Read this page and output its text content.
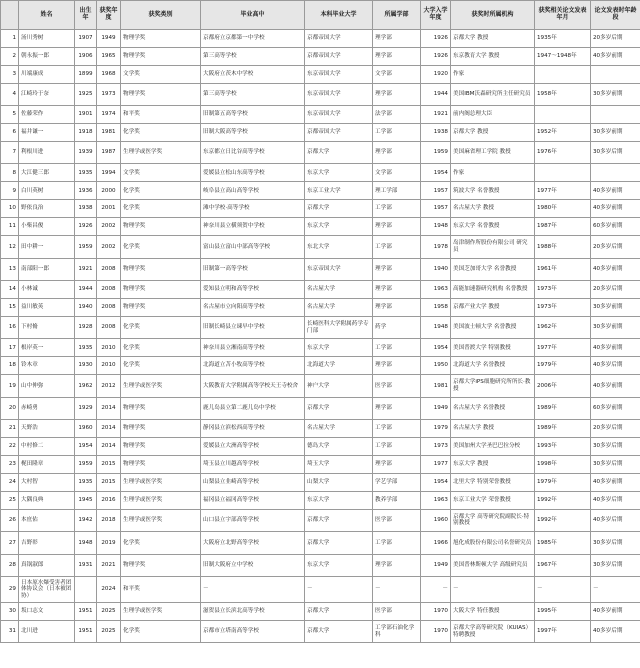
	姓名	出生年	获奖年度	获奖类别	毕业高中	本科毕业大学	所属学部	大学入学年度	获奖时所属机构	获奖相关论文发表年月	论文发表时年龄段
1	汤川秀树	1907	1949	物理学奖	京都府立京都第一中学校	京都帝国大学	理学部	1926	京都大学 教授	1935年	20多岁后期
2	朝永振一郎	1906	1965	物理学奖	第三高等学校	京都帝国大学	理学部	1926	东京教育大学 教授	1947～1948年	40多岁前期
3	川端康成	1899	1968	文学奖	大阪府立茨木中学校	东京帝国大学	文学部	1920	作家		
4	江崎玲于奈	1925	1973	物理学奖	第三高等学校	东京帝国大学	理学部	1944	美国IBM沃森研究所主任研究员	1958年	30多岁前期
5	佐藤荣作	1901	1974	和平奖	旧制第五高等学校	东京帝国大学	法学部	1921	前内阁总理大臣		
6	福井谦一	1918	1981	化学奖	旧制大阪高等学校	京都帝国大学	工学部	1938	京都大学 教授	1952年	30多岁前期
7	利根川进	1939	1987	生理学或医学奖	东京都立日比谷高等学校	京都大学	理学部	1959	美国麻省理工学院 教授	1976年	30多岁后期
8	大江健三郎	1935	1994	文学奖	爱媛县立松山东高等学校	东京大学	文学部	1954	作家		
9	白川英树	1936	2000	化学奖	岐阜县立高山高等学校	东京工业大学	理工学部	1957	筑波大学 名誉教授	1977年	40多岁前期
10	野依良治	1938	2001	化学奖	滩中学校·高等学校	京都大学	工学部	1957	名古屋大学 教授	1980年	40多岁前期
11	小柴昌俊	1926	2002	物理学奖	神奈川县立横须贺中学校	东京大学	理学部	1948	东京大学 名誉教授	1987年	60多岁前期
12	田中耕一	1959	2002	化学奖	富山县立富山中部高等学校	东北大学	工学部	1978	岛津制作所股份有限公司 研究员	1988年	20多岁后期
13	南部阳一郎	1921	2008	物理学奖	旧制第一高等学校	东京帝国大学	理学部	1940	美国芝加哥大学 名誉教授	1961年	40多岁前期
14	小林诚	1944	2008	物理学奖	爱知县立明和高等学校	名古屋大学	理学部	1963	高能加速器研究机构 名誉教授	1973年	20多岁后期
15	益川敏英	1940	2008	物理学奖	名古屋市立向阳高等学校	名古屋大学	理学部	1958	京都产业大学 教授	1973年	30多岁前期
16	下村脩	1928	2008	化学奖	旧制长崎县立谏早中学校	长崎医科大学附属药学专门部	药学	1948	美国波士顿大学 名誉教授	1962年	30多岁前期
17	根岸英一	1935	2010	化学奖	神奈川县立湘南高等学校	东京大学	工学部	1954	美国普渡大学 特别教授	1977年	40多岁前期
18	铃木章	1930	2010	化学奖	北海道立苫小牧高等学校	北海道大学	理学部	1950	北海道大学 名誉教授	1979年	40多岁后期
19	山中伸弥	1962	2012	生理学或医学奖	大阪教育大学附属高等学校天王寺校舍	神户大学	医学部	1981	京都大学iPS细胞研究所所长·教授	2006年	40多岁前期
20	赤崎勇	1929	2014	物理学奖	鹿儿岛县立第二鹿儿岛中学校	京都大学	理学部	1949	名古屋大学 名誉教授	1989年	60多岁前期
21	天野浩	1960	2014	物理学奖	静冈县立滨松西高等学校	名古屋大学	工学部	1979	名古屋大学 教授	1989年	20多岁后期
22	中村修二	1954	2014	物理学奖	爱媛县立大洲高等学校	德岛大学	工学部	1973	美国加州大学圣巴巴拉分校	1993年	30多岁后期
23	梶田隆章	1959	2015	物理学奖	埼玉县立川越高等学校	埼玉大学	理学部	1977	东京大学 教授	1998年	30多岁后期
24	大村智	1935	2015	生理学或医学奖	山梨县立韭崎高等学校	山梨大学	学艺学部	1954	北里大学 特别荣誉教授	1979年	40多岁前期
25	大隅良典	1945	2016	生理学或医学奖	福冈县立福冈高等学校	东京大学	教养学部	1963	东京工业大学 荣誉教授	1992年	40多岁后期
26	本庶佑	1942	2018	生理学或医学奖	山口县立宇部高等学校	京都大学	医学部	1960	京都大学 高等研究院副院长·特别教授	1992年	40多岁后期
27	吉野彰	1948	2019	化学奖	大阪府立北野高等学校	京都大学	工学部	1966	旭化成股份有限公司名誉研究员	1985年	30多岁后期
28	真锅淑郎	1931	2021	物理学奖	旧制大阪府立中学校	东京大学	理学部	1949	美国普林斯顿大学 高级研究员	1967年	30多岁后期
29	日本原水爆受害者团体协议会（日本被团协）		2024	和平奖	－	－	－	－	－	－	－
30	坂口志文	1951	2025	生理学或医学奖	滋贺县立长滨北高等学校	京都大学	医学部	1970	大阪大学 特任教授	1995年	40多岁前期
31	北川进	1951	2025	化学奖	京都市立塔南高等学校	京都大学	工学部石油化学科	1970	京都大学高等研究院（KUIAS）特聘教授	1997年	40多岁后期
